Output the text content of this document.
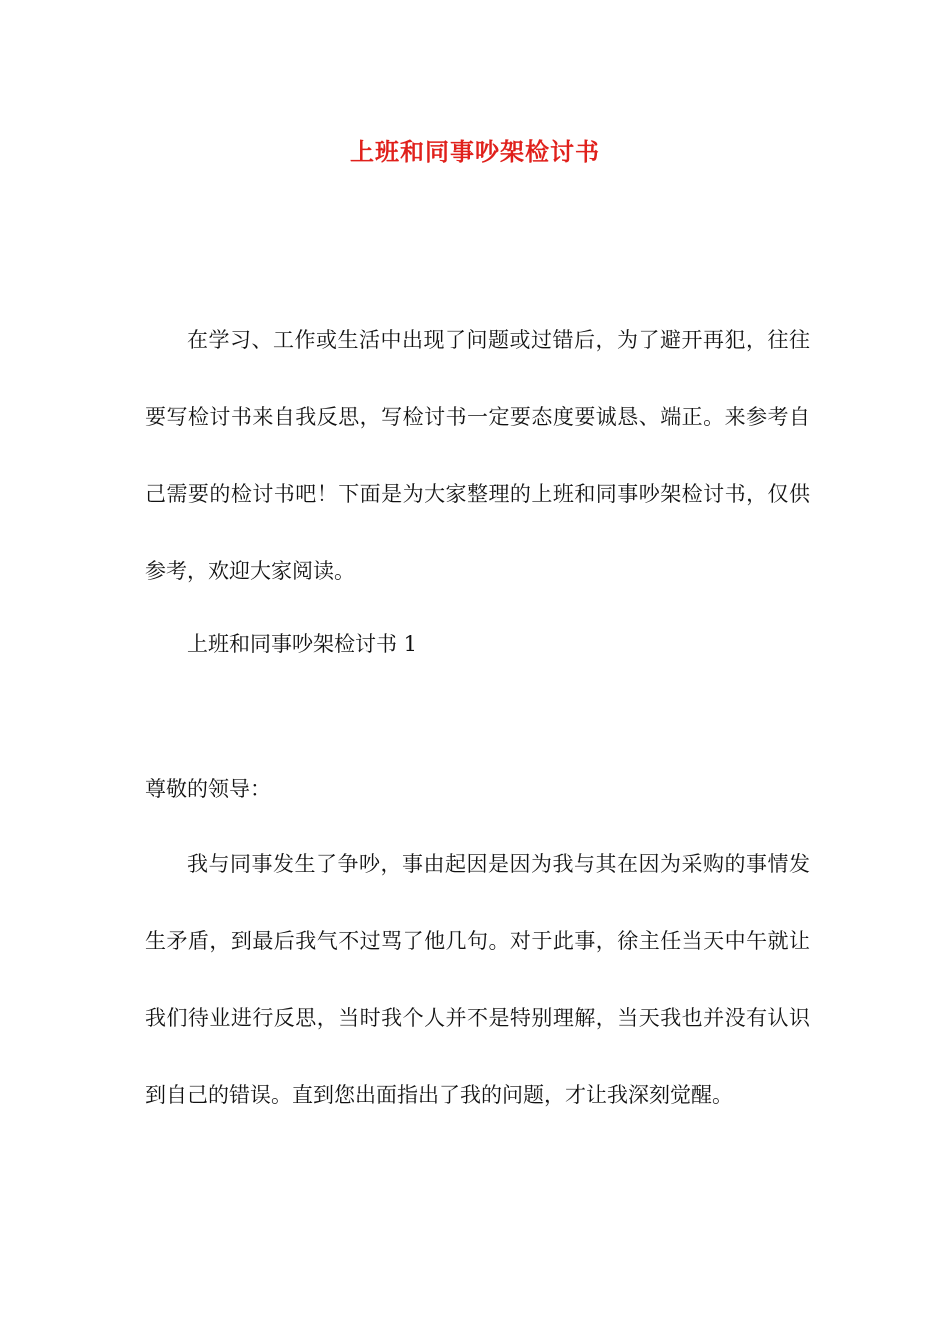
上班和同事吵架检讨书

在学习、工作或生活中出现了问题或过错后，为了避开再犯，往往要写检讨书来自我反思，写检讨书一定要态度要诚恳、端正。来参考自己需要的检讨书吧！下面是为大家整理的上班和同事吵架检讨书，仅供参考，欢迎大家阅读。

上班和同事吵架检讨书 1

尊敬的领导：

我与同事发生了争吵，事由起因是因为我与其在因为采购的事情发生矛盾，到最后我气不过骂了他几句。对于此事，徐主任当天中午就让我们待业进行反思，当时我个人并不是特别理解，当天我也并没有认识到自己的错误。直到您出面指出了我的问题，才让我深刻觉醒。
